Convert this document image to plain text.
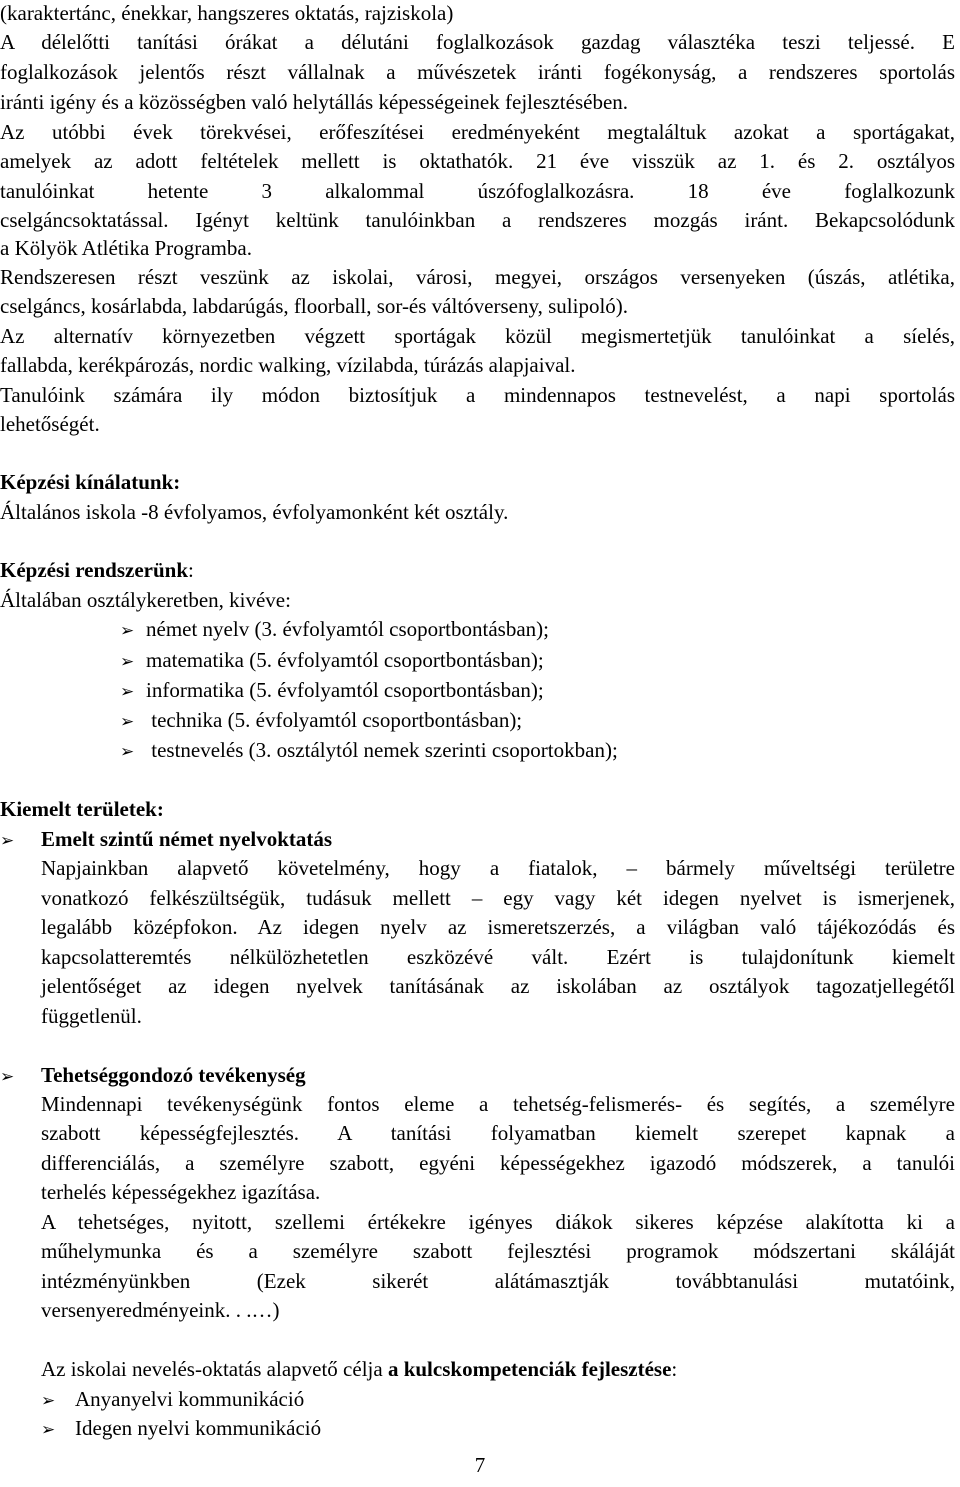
(karaktertánc, énekkar, hangszeres oktatás, rajziskola)
A délelőtti tanítási órákat a délutáni foglalkozások gazdag választéka teszi teljessé. E
foglalkozások jelentős részt vállalnak a művészetek iránti fogékonyság, a rendszeres sportolás
iránti igény és a közösségben való helytállás képességeinek fejlesztésében.
Az utóbbi évek törekvései, erőfeszítései eredményeként megtaláltuk azokat a sportágakat,
amelyek az adott feltételek mellett is oktathatók. 21 éve visszük az 1. és 2. osztályos
tanulóinkat hetente 3 alkalommal úszófoglalkozásra. 18 éve foglalkozunk
cselgáncsoktatással. Igényt keltünk tanulóinkban a rendszeres mozgás iránt. Bekapcsolódunk
a Kölyök Atlétika Programba.
Rendszeresen részt veszünk az iskolai, városi, megyei, országos versenyeken (úszás, atlétika,
cselgáncs, kosárlabda, labdarúgás, floorball, sor-és váltóverseny, sulipoló).
Az alternatív környezetben végzett sportágak közül megismertetjük tanulóinkat a síelés,
fallabda, kerékpározás, nordic walking, vízilabda, túrázás alapjaival.
Tanulóink számára ily módon biztosítjuk a mindennapos testnevelést, a napi sportolás
lehetőségét.
Képzési kínálatunk:
Általános iskola -8 évfolyamos, évfolyamonként két osztály.
Képzési rendszerünk:
Általában osztálykeretben, kivéve:
➢ német nyelv (3. évfolyamtól csoportbontásban);
➢ matematika (5. évfolyamtól csoportbontásban);
➢ informatika (5. évfolyamtól csoportbontásban);
➢ technika (5. évfolyamtól csoportbontásban);
➢ testnevelés (3. osztálytól nemek szerinti csoportokban);
Kiemelt területek:
➢ Emelt szintű német nyelvoktatás
Napjainkban alapvető követelmény, hogy a fiatalok, – bármely műveltségi területre
vonatkozó felkészültségük, tudásuk mellett – egy vagy két idegen nyelvet is ismerjenek,
legalább középfokon. Az idegen nyelv az ismeretszerzés, a világban való tájékozódás és
kapcsolatteremtés nélkülözhetetlen eszközévé vált. Ezért is tulajdonítunk kiemelt
jelentőséget az idegen nyelvek tanításának az iskolában az osztályok tagozatjellegétől
függetlenül.
➢ Tehetséggondozó tevékenység
Mindennapi tevékenységünk fontos eleme a tehetség-felismerés- és segítés, a személyre
szabott képességfejlesztés. A tanítási folyamatban kiemelt szerepet kapnak a
differenciálás, a személyre szabott, egyéni képességekhez igazodó módszerek, a tanulói
terhelés képességekhez igazítása.
A tehetséges, nyitott, szellemi értékekre igényes diákok sikeres képzése alakította ki a
műhelymunka és a személyre szabott fejlesztési programok módszertani skáláját
intézményünkben (Ezek sikerét alátámasztják továbbtanulási mutatóink,
versenyeredményeink. . .…)
Az iskolai nevelés-oktatás alapvető célja a kulcskompetenciák fejlesztése:
➢ Anyanyelvi kommunikáció
➢ Idegen nyelvi kommunikáció
7
